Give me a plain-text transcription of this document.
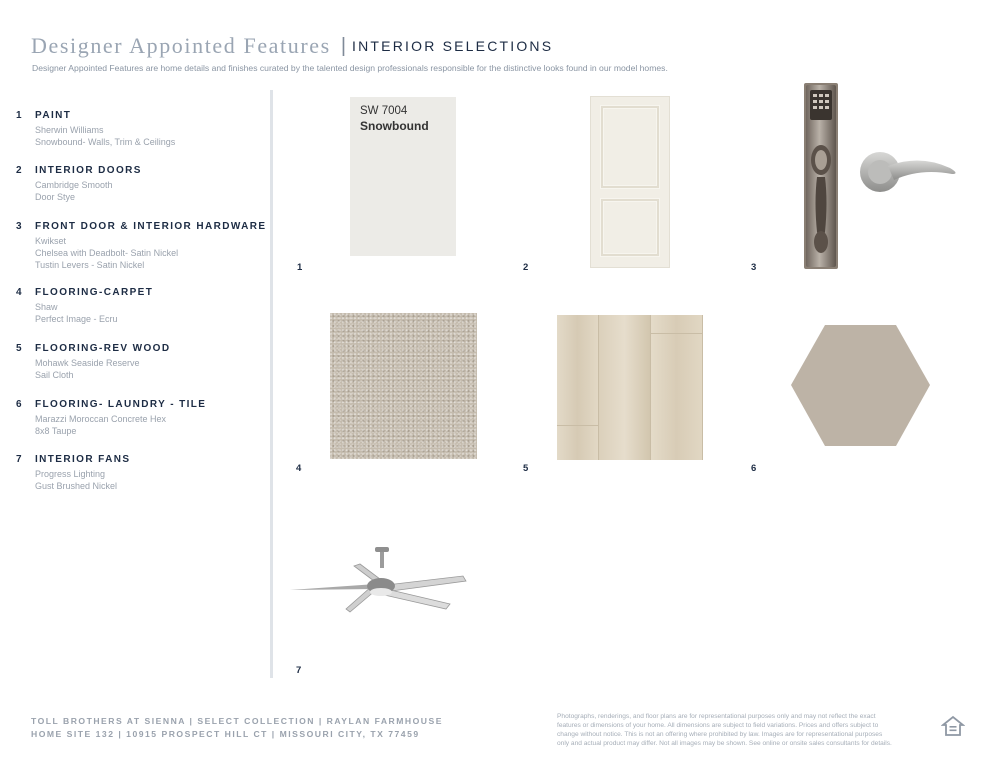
Designer Appointed Features | INTERIOR SELECTIONS
Designer Appointed Features are home details and finishes curated by the talented design professionals responsible for the distinctive looks found in our model homes.
1 PAINT
Sherwin Williams
Snowbound- Walls, Trim & Ceilings
2 INTERIOR DOORS
Cambridge Smooth
Door Stye
3 FRONT DOOR & INTERIOR HARDWARE
Kwikset
Chelsea with Deadbolt- Satin Nickel
Tustin Levers - Satin Nickel
4 FLOORING-CARPET
Shaw
Perfect Image - Ecru
5 FLOORING-REV WOOD
Mohawk Seaside Reserve
Sail Cloth
6 FLOORING- LAUNDRY - TILE
Marazzi Moroccan Concrete Hex
8x8 Taupe
7 INTERIOR FANS
Progress Lighting
Gust Brushed Nickel
SW 7004
Snowbound
1	2	3
4	5	6
7
TOLL BROTHERS AT SIENNA | SELECT COLLECTION | RAYLAN FARMHOUSE
HOME SITE 132 | 10915 PROSPECT HILL CT | MISSOURI CITY, TX 77459
Photographs, renderings, and floor plans are for representational purposes only and may not reflect the exact
features or dimensions of your home. All dimensions are subject to field variations. Prices and offers subject to
change without notice. This is not an offering where prohibited by law. Images are for representational purposes
only and actual product may differ. Not all images may be shown. See online or onsite sales consultants for details.
